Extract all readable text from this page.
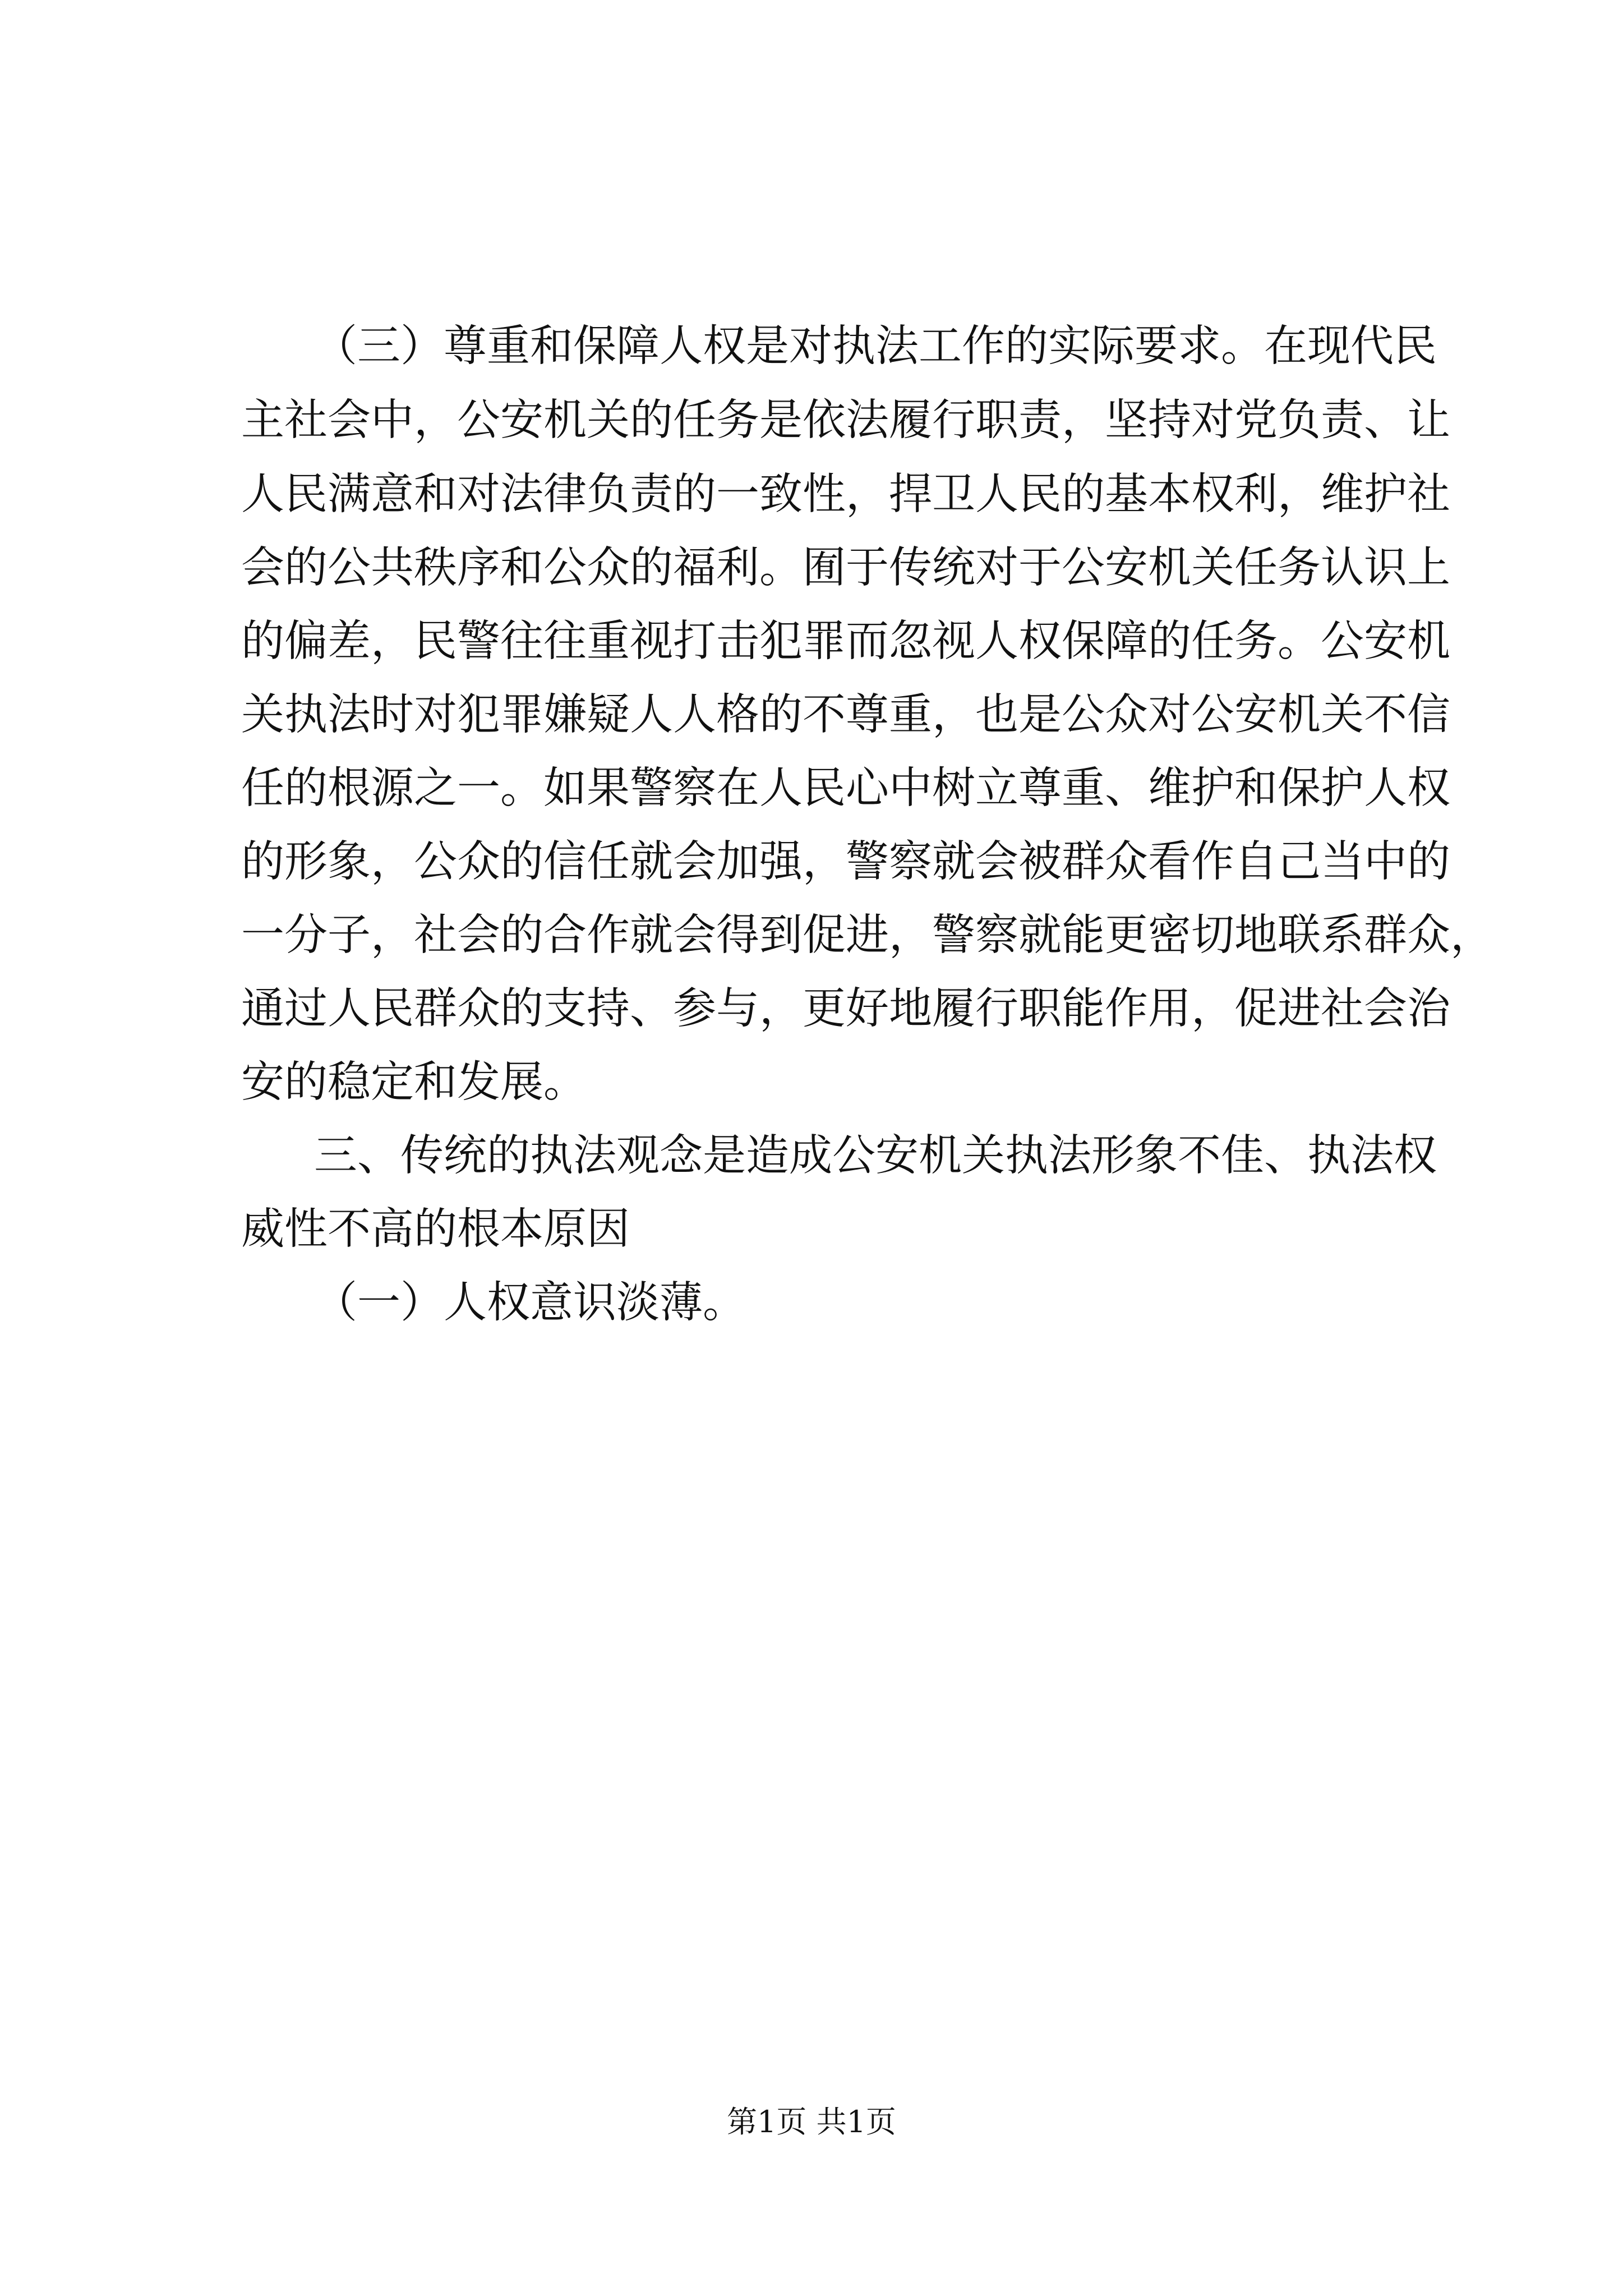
（三）尊重和保障人权是对执法工作的实际要求。在现代民
主社会中，公安机关的任务是依法履行职责，坚持对党负责、让
人民满意和对法律负责的一致性，捍卫人民的基本权利，维护社
会的公共秩序和公众的福利。囿于传统对于公安机关任务认识上
的偏差，民警往往重视打击犯罪而忽视人权保障的任务。公安机
关执法时对犯罪嫌疑人人格的不尊重，也是公众对公安机关不信
任的根源之一。如果警察在人民心中树立尊重、维护和保护人权
的形象，公众的信任就会加强，警察就会被群众看作自己当中的
一分子，社会的合作就会得到促进，警察就能更密切地联系群众，
通过人民群众的支持、参与，更好地履行职能作用，促进社会治
安的稳定和发展。
三、传统的执法观念是造成公安机关执法形象不佳、执法权
威性不高的根本原因
（一）人权意识淡薄。
第1页 共1页
